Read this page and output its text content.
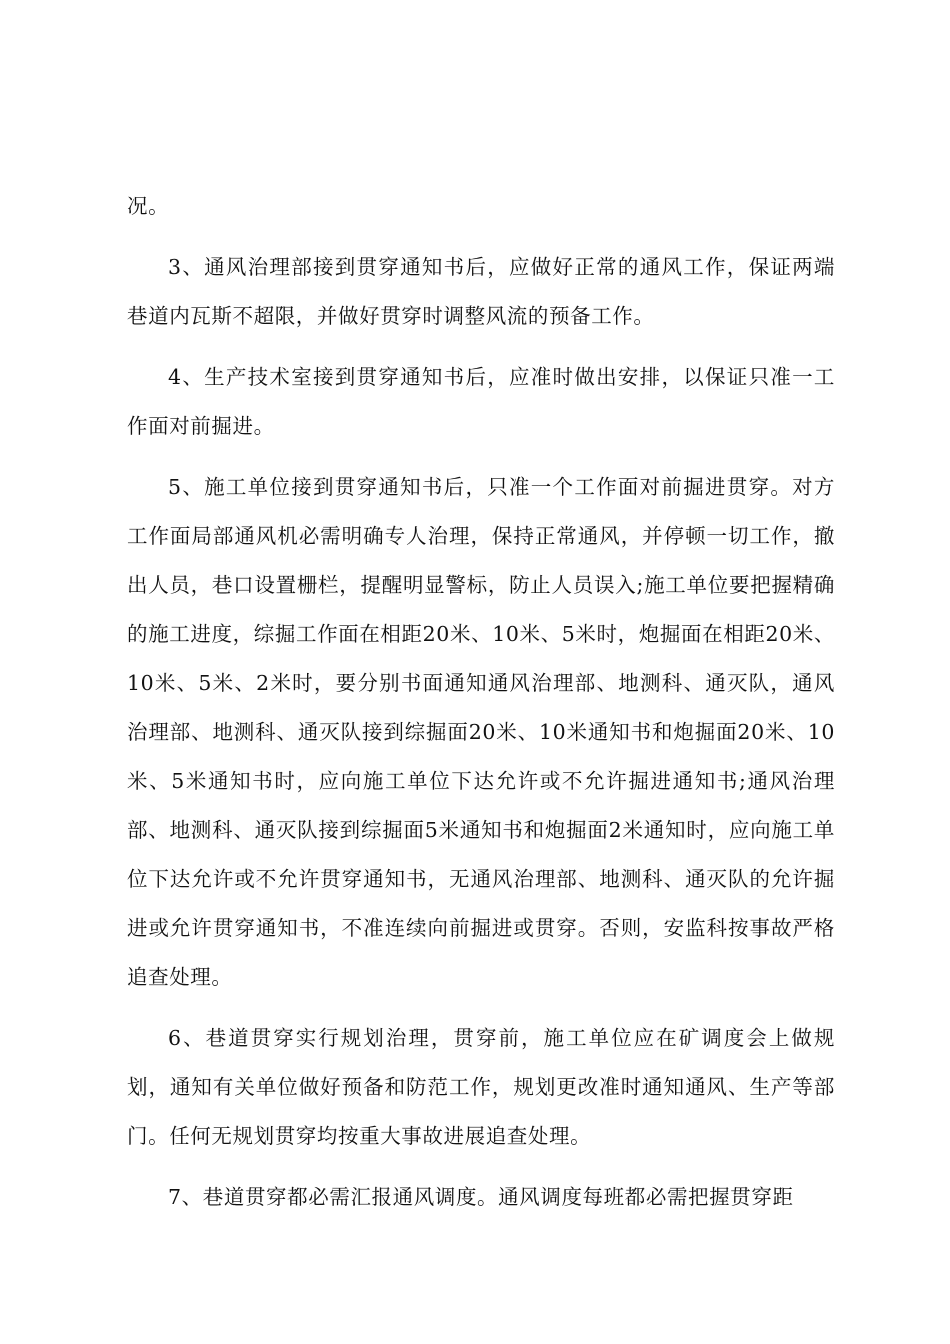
况。

3、通风治理部接到贯穿通知书后，应做好正常的通风工作，保证两端巷道内瓦斯不超限，并做好贯穿时调整风流的预备工作。

4、生产技术室接到贯穿通知书后，应准时做出安排，以保证只准一工作面对前掘进。

5、施工单位接到贯穿通知书后，只准一个工作面对前掘进贯穿。对方工作面局部通风机必需明确专人治理，保持正常通风，并停顿一切工作，撤出人员，巷口设置栅栏，提醒明显警标，防止人员误入;施工单位要把握精确的施工进度，综掘工作面在相距20米、10米、5米时，炮掘面在相距20米、10米、5米、2米时，要分别书面通知通风治理部、地测科、通灭队，通风治理部、地测科、通灭队接到综掘面20米、10米通知书和炮掘面20米、10米、5米通知书时，应向施工单位下达允许或不允许掘进通知书;通风治理部、地测科、通灭队接到综掘面5米通知书和炮掘面2米通知时，应向施工单位下达允许或不允许贯穿通知书，无通风治理部、地测科、通灭队的允许掘进或允许贯穿通知书，不准连续向前掘进或贯穿。否则，安监科按事故严格追查处理。

6、巷道贯穿实行规划治理，贯穿前，施工单位应在矿调度会上做规划，通知有关单位做好预备和防范工作，规划更改准时通知通风、生产等部门。任何无规划贯穿均按重大事故进展追查处理。

7、巷道贯穿都必需汇报通风调度。通风调度每班都必需把握贯穿距
